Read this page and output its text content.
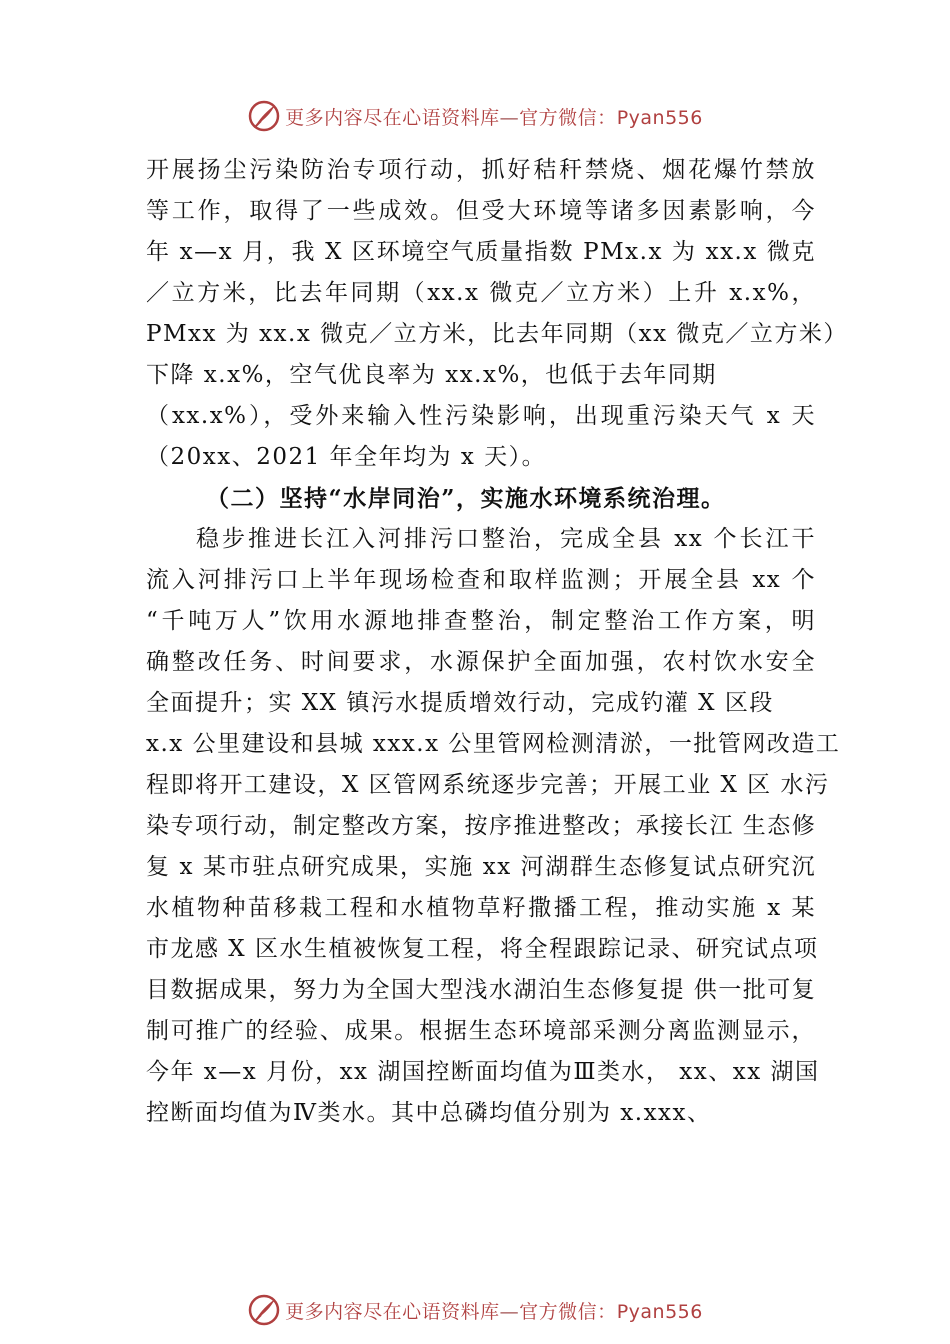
更多内容尽在心语资料库—官方微信：Pyan556
开展扬尘污染防治专项行动，抓好秸秆禁烧、烟花爆竹禁放
等工作，取得了一些成效。但受大环境等诸多因素影响，今
年 x—x 月，我 X 区环境空气质量指数 PMx.x 为 xx.x 微克
／立方米，比去年同期（xx.x 微克／立方米）上升 x.x%，
PMxx 为 xx.x 微克／立方米，比去年同期（xx 微克／立方米）
下降 x.x%，空气优良率为 xx.x%，也低于去年同期
（xx.x%），受外来输入性污染影响，出现重污染天气 x 天
（20xx、2021 年全年均为 x 天）。
（二）坚持“水岸同治”，实施水环境系统治理。
稳步推进长江入河排污口整治，完成全县 xx 个长江干
流入河排污口上半年现场检查和取样监测；开展全县 xx 个
“千吨万人”饮用水源地排查整治，制定整治工作方案，明
确整改任务、时间要求，水源保护全面加强，农村饮水安全
全面提升；实 XX 镇污水提质增效行动，完成钓灌 X 区段
x.x 公里建设和县城 xxx.x 公里管网检测清淤，一批管网改造工
程即将开工建设，X 区管网系统逐步完善；开展工业 X 区 水污
染专项行动，制定整改方案，按序推进整改；承接长江 生态修
复 x 某市驻点研究成果，实施 xx 河湖群生态修复试点研究沉
水植物种苗移栽工程和水植物草籽撒播工程，推动实施 x 某
市龙感 X 区水生植被恢复工程，将全程跟踪记录、研究试点项
目数据成果，努力为全国大型浅水湖泊生态修复提 供一批可复
制可推广的经验、成果。根据生态环境部采测分离监测显示，
今年 x—x 月份，xx 湖国控断面均值为Ⅲ类水， xx、xx 湖国
控断面均值为Ⅳ类水。其中总磷均值分别为 x.xxx、
更多内容尽在心语资料库—官方微信：Pyan556
